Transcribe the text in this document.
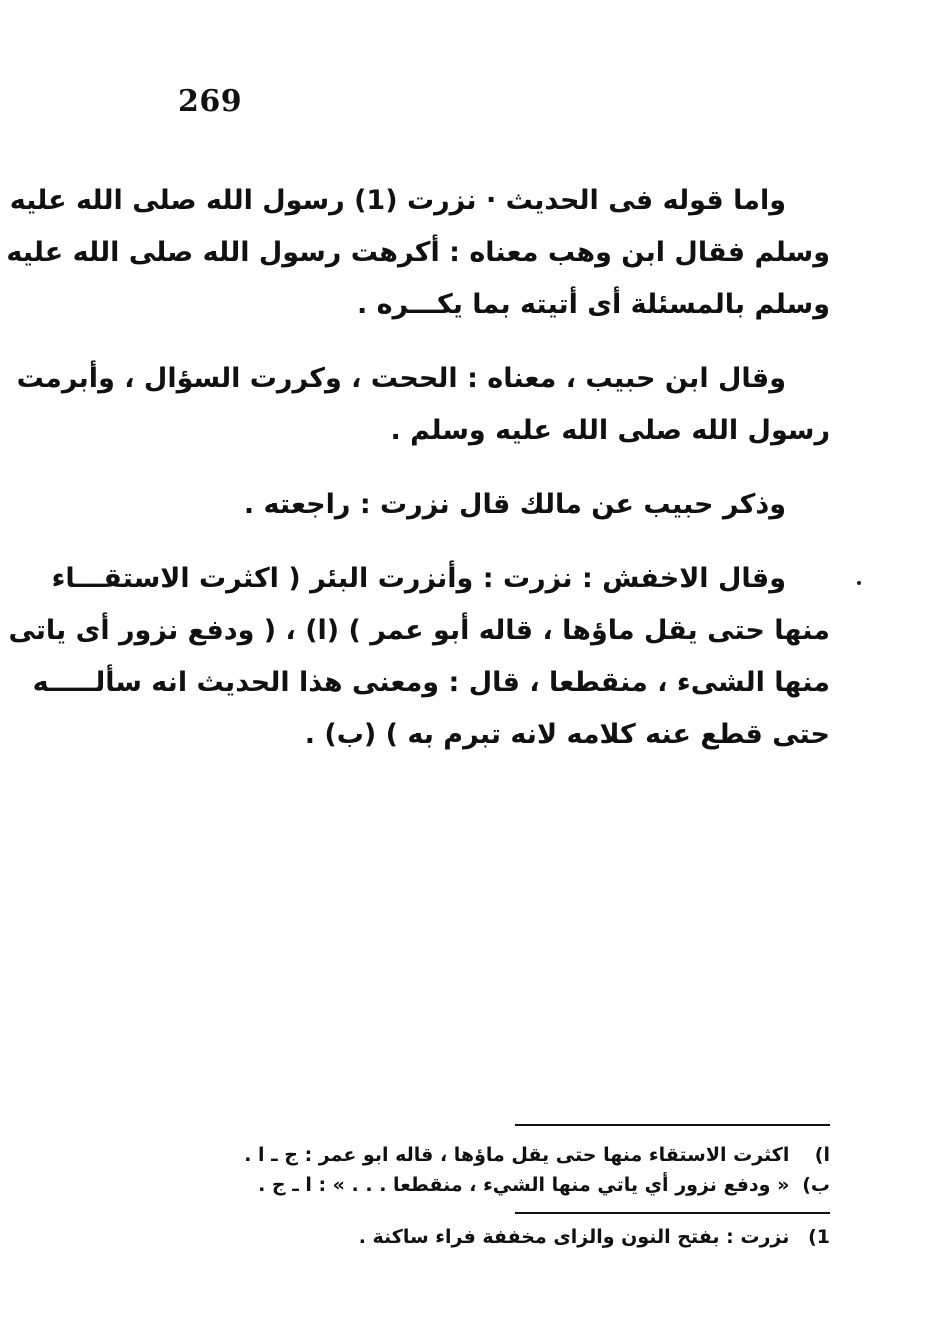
269

واما قوله فى الحديث · نزرت (1) رسول الله صلى الله عليه
وسلم فقال ابن وهب معناه : أكرهت رسول الله صلى الله عليه
وسلم بالمسئلة أى أتيته بما يكـــره .

وقال ابن حبيب ، معناه : الححت ، وكررت السؤال ، وأبرمت
رسول الله صلى الله عليه وسلم .

وذكر حبيب عن مالك قال نزرت : راجعته .

وقال الاخفش : نزرت : وأنزرت البئر ( اكثرت الاستقـــاء
منها حتى يقل ماؤها ، قاله أبو عمر ) (ا) ، ( ودفع نزور أى ياتى
منها الشىء ، منقطعا ، قال : ومعنى هذا الحديث انه سألـــــه
حتى قطع عنه كلامه لانه تبرم به ) (ب) .

ا) اكثرت الاستقاء منها حتى يقل ماؤها ، قاله ابو عمر : ج ـ ا .
ب) « ودفع نزور أي ياتي منها الشيء ، منقطعا . . . » : ا ـ ج .
1) نزرت : بفتح النون والزاى مخففة فراء ساكنة .
